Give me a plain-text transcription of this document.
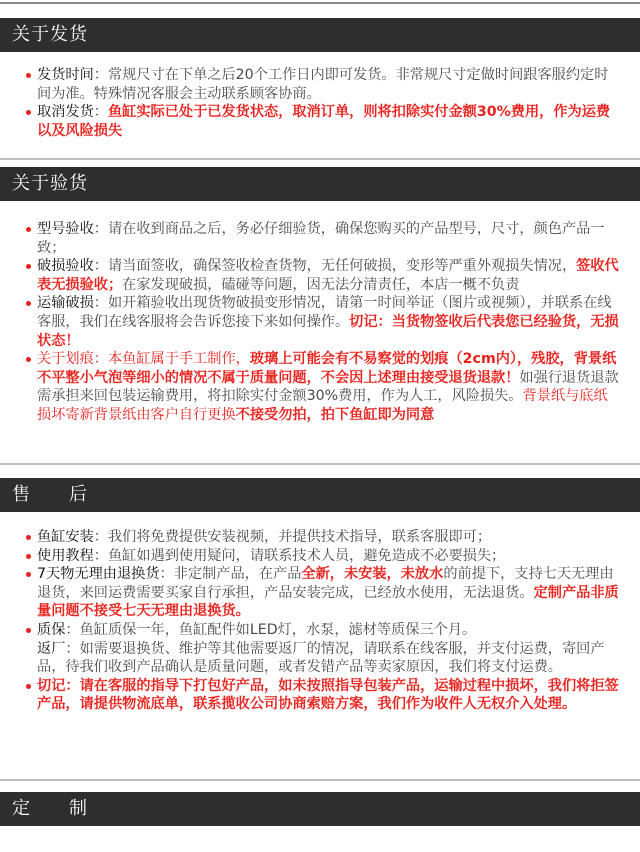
关于发货

发货时间：常规尺寸在下单之后20个工作日内即可发货。非常规尺寸定做时间跟客服约定时间为准。特殊情况客服会主动联系顾客协商。

取消发货：鱼缸实际已处于已发货状态，取消订单，则将扣除实付金额30%费用，作为运费以及风险损失

关于验货

型号验收：请在收到商品之后，务必仔细验货，确保您购买的产品型号，尺寸，颜色产品一致；

破损验收：请当面签收，确保签收检查货物，无任何破损，变形等严重外观损失情况，签收代表无损验收；在家发现破损，磕碰等问题，因无法分清责任，本店一概不负责

运输破损：如开箱验收出现货物破损变形情况，请第一时间举证（图片或视频），并联系在线客服，我们在线客服将会告诉您接下来如何操作。切记：当货物签收后代表您已经验货，无损状态！

关于划痕：本鱼缸属于手工制作，玻璃上可能会有不易察觉的划痕（2cm内），残胶，背景纸不平整小气泡等细小的情况不属于质量问题，不会因上述理由接受退货退款！如强行退货退款需承担来回包装运输费用，将扣除实付金额30%费用，作为人工，风险损失。背景纸与底纸损坏寄新背景纸由客户自行更换不接受勿拍，拍下鱼缸即为同意

售　　后

鱼缸安装：我们将免费提供安装视频，并提供技术指导，联系客服即可；

使用教程：鱼缸如遇到使用疑问，请联系技术人员，避免造成不必要损失；

7天物无理由退换货：非定制产品，在产品全新，未安装，未放水的前提下，支持七天无理由退货，来回运费需要买家自行承担，产品安装完成，已经放水使用，无法退货。定制产品非质量问题不接受七天无理由退换货。

质保：鱼缸质保一年，鱼缸配件如LED灯，水泵，滤材等质保三个月。

返厂：如需要退换货、维护等其他需要返厂的情况，请联系在线客服，并支付运费，寄回产品，待我们收到产品确认是质量问题，或者发错产品等卖家原因，我们将支付运费。

切记：请在客服的指导下打包好产品，如未按照指导包装产品，运输过程中损坏，我们将拒签产品，请提供物流底单，联系揽收公司协商索赔方案，我们作为收件人无权介入处理。

定　　制
